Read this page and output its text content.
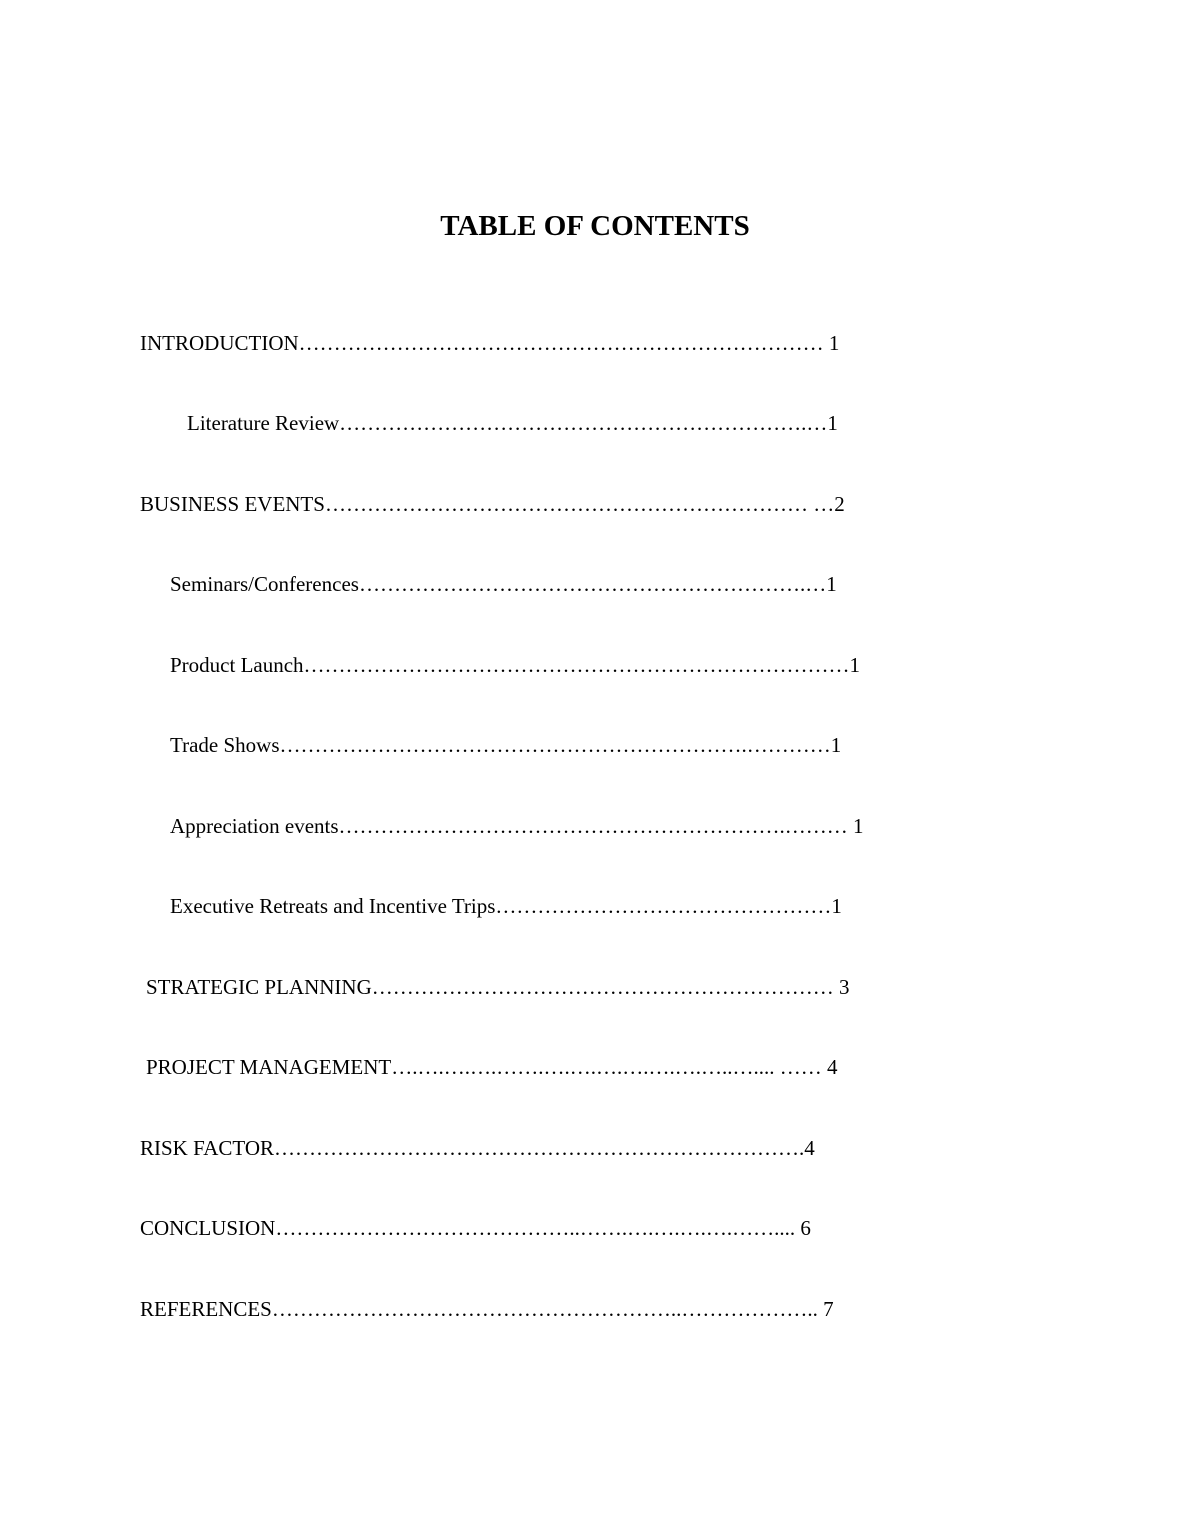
TABLE OF CONTENTS
INTRODUCTION………………………………………………………………… 1
Literature Review………………………………………………………….…1
BUSINESS EVENTS…………………………………………………………… …2
Seminars/Conferences……………………………………………………….…1
Product Launch……………………………………………………………………1
Trade Shows………………………………………………………….…………1
Appreciation events……………………………………………………….……… 1
Executive Retreats and Incentive Trips…………………………………………1
STRATEGIC PLANNING………………………………………………………… 3
PROJECT MANAGEMENT….….….….…….….….….….….….…..….... …… 4
RISK FACTOR………………………………………………………………….4
CONCLUSION……………………………………..…….….….….….…….... 6
REFERENCES…………………………………………………..……………….. 7
